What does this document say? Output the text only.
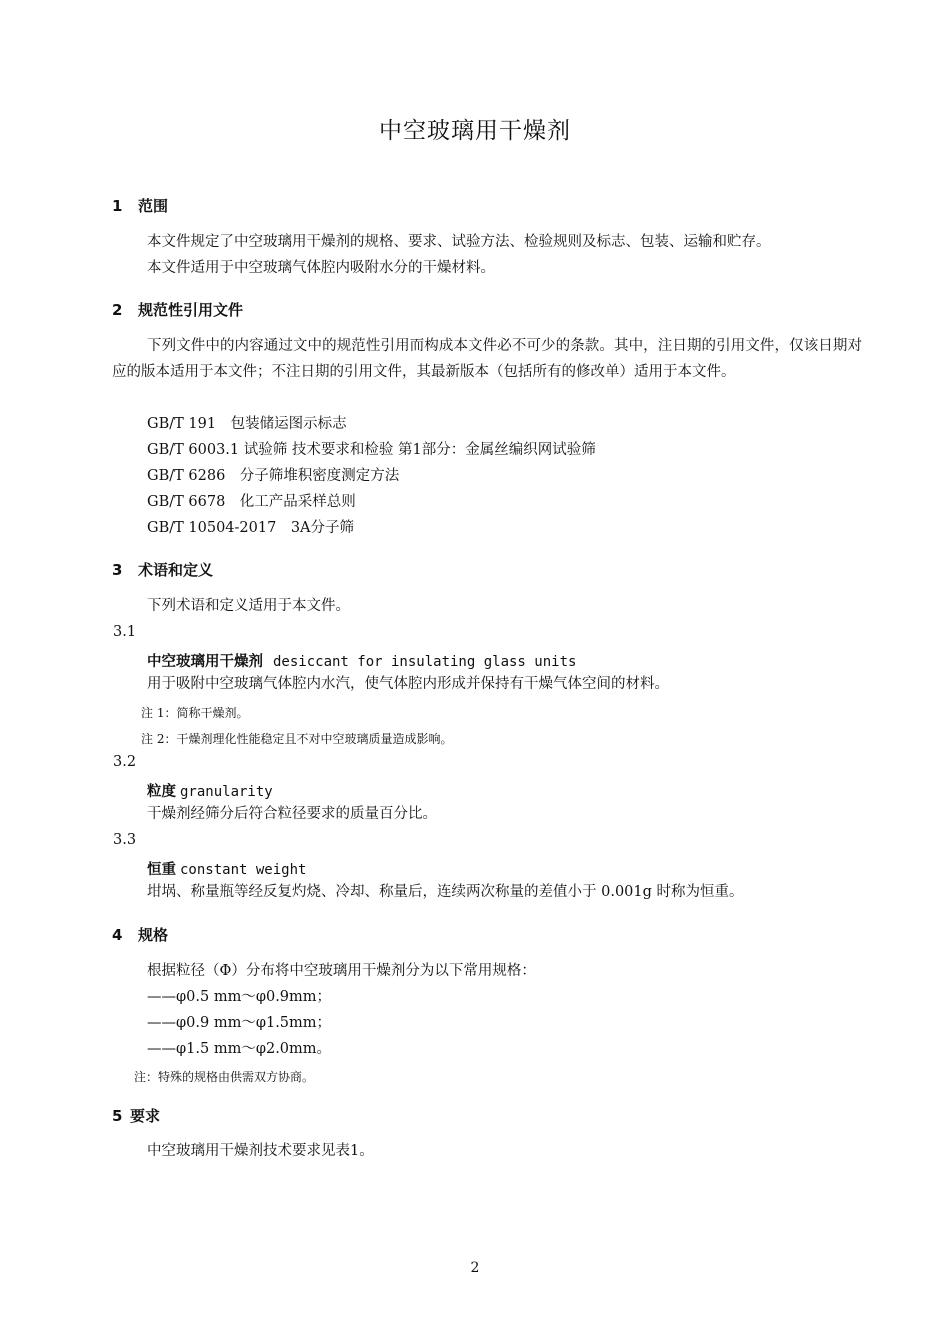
中空玻璃用干燥剂
1 范围
本文件规定了中空玻璃用干燥剂的规格、要求、试验方法、检验规则及标志、包装、运输和贮存。
本文件适用于中空玻璃气体腔内吸附水分的干燥材料。
2 规范性引用文件
下列文件中的内容通过文中的规范性引用而构成本文件必不可少的条款。其中，注日期的引用文件，仅该日期对应的版本适用于本文件；不注日期的引用文件，其最新版本（包括所有的修改单）适用于本文件。
GB/T 191　包装储运图示标志
GB/T 6003.1 试验筛 技术要求和检验 第1部分：金属丝编织网试验筛
GB/T 6286　分子筛堆积密度测定方法
GB/T 6678　化工产品采样总则
GB/T 10504-2017　3A分子筛
3 术语和定义
下列术语和定义适用于本文件。
3.1
中空玻璃用干燥剂 desiccant for insulating glass units
用于吸附中空玻璃气体腔内水汽，使气体腔内形成并保持有干燥气体空间的材料。
注 1：简称干燥剂。
注 2：干燥剂理化性能稳定且不对中空玻璃质量造成影响。
3.2
粒度 granularity
干燥剂经筛分后符合粒径要求的质量百分比。
3.3
恒重 constant weight
坩埚、称量瓶等经反复灼烧、冷却、称量后，连续两次称量的差值小于 0.001g 时称为恒重。
4 规格
根据粒径（Φ）分布将中空玻璃用干燥剂分为以下常用规格：
——φ0.5 mm～φ0.9mm；
——φ0.9 mm～φ1.5mm；
——φ1.5 mm～φ2.0mm。
注：特殊的规格由供需双方协商。
5 要求
中空玻璃用干燥剂技术要求见表1。
2
